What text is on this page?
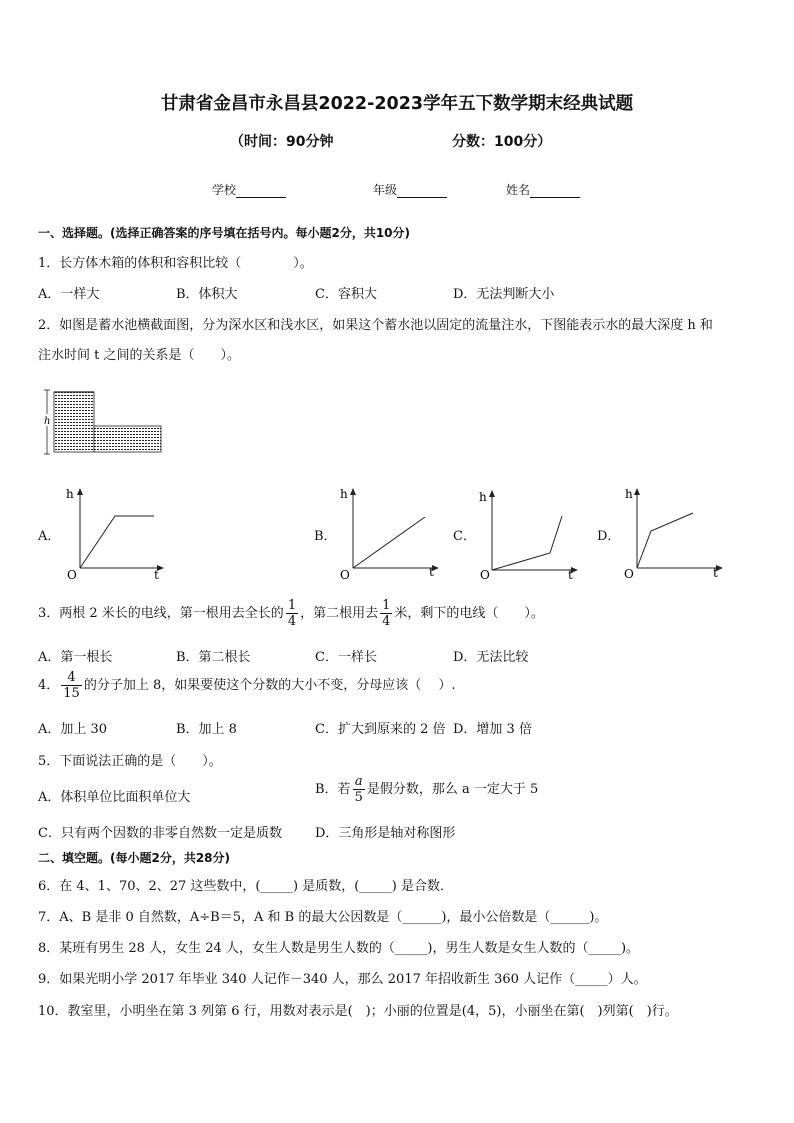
甘肃省金昌市永昌县2022-2023学年五下数学期末经典试题
（时间：90分钟	分数：100分）
学校	年级	姓名
一、选择题。(选择正确答案的序号填在括号内。每小题2分，共10分)
1．长方体木箱的体积和容积比较（　　　　）。
A．一样大	B．体积大	C．容积大	D．无法判断大小
2．如图是蓄水池横截面图，分为深水区和浅水区，如果这个蓄水池以固定的流量注水，下图能表示水的最大深度 h 和
注水时间 t 之间的关系是（　　）。
h
A．
h
t
O
B．
h
t
O
C．
h
t
O
D．
h
t
O
3．两根 2 米长的电线，第一根用去全长的 $\frac{1}{4}$ ，第二根用去 $\frac{1}{4}$ 米，剩下的电线（　　）。
A．第一根长	B．第二根长	C．一样长	D．无法比较
4． $\frac{4}{15}$ 的分子加上 8，如果要使这个分数的大小不变，分母应该（　 ）.
A．加上 30	B．加上 8	C．扩大到原来的 2 倍 D．增加 3 倍
5．下面说法正确的是（　　）。
A．体积单位比面积单位大
B．若 $\frac{a}{5}$ 是假分数，那么 a 一定大于 5
C．只有两个因数的非零自然数一定是质数	D．三角形是轴对称图形
二、填空题。(每小题2分，共28分)
6．在 4、1、70、2、27 这些数中，(_____) 是质数，(_____) 是合数．
7．A、B 是非 0 自然数，A÷B＝5，A 和 B 的最大公因数是（______)，最小公倍数是（______)。
8．某班有男生 28 人，女生 24 人，女生人数是男生人数的（_____)，男生人数是女生人数的（_____)。
9．如果光明小学 2017 年毕业 340 人记作－340 人，那么 2017 年招收新生 360 人记作（_____）人。
10．教室里，小明坐在第 3 列第 6 行，用数对表示是(　)；小丽的位置是(4，5)，小丽坐在第(　)列第(　)行。
